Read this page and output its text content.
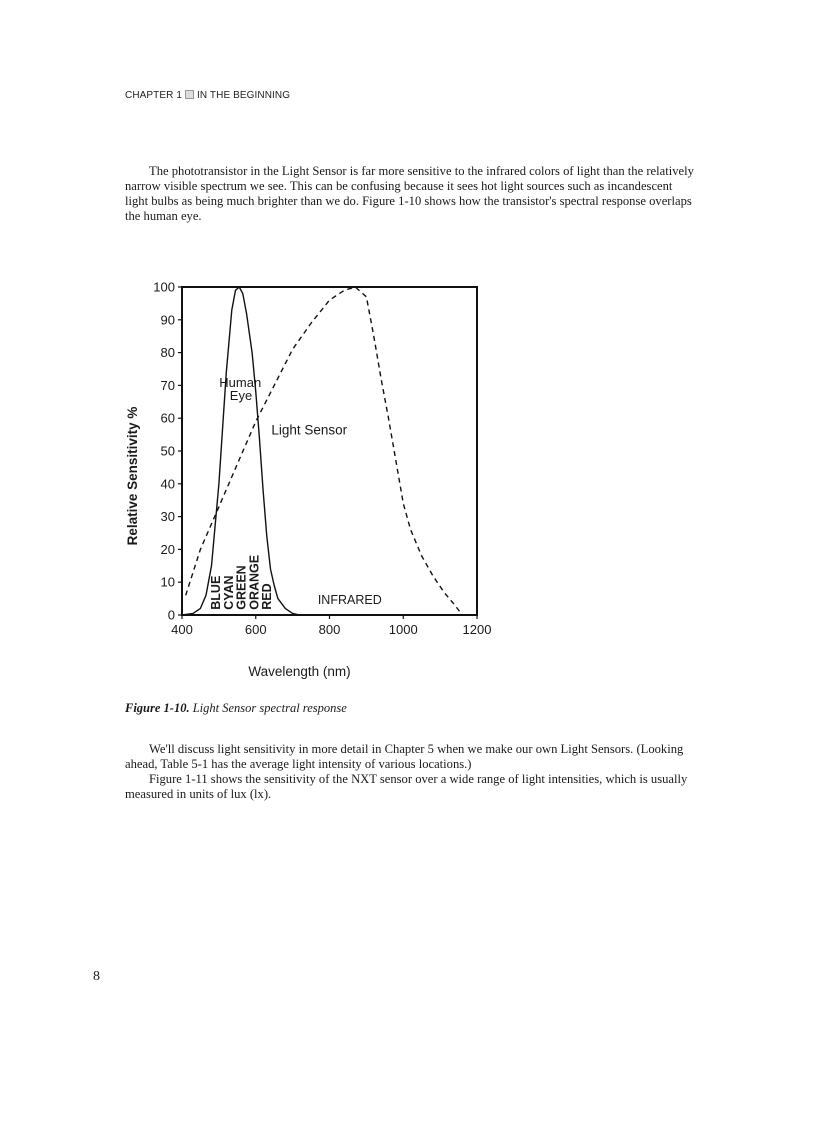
CHAPTER 1 IN THE BEGINNING

The phototransistor in the Light Sensor is far more sensitive to the infrared colors of light than the relatively narrow visible spectrum we see. This can be confusing because it sees hot light sources such as incandescent light bulbs as being much brighter than we do. Figure 1-10 shows how the transistor's spectral response overlaps the human eye.

0
10
20
30
40
50
60
70
80
90
100
400	600	800	1000	1200
Wavelength (nm)
Relative Sensitivity %
Human
Eye
Light Sensor
INFRARED
BLUE
CYAN
GREEN
ORANGE
RED
Figure 1-10. Light Sensor spectral response

We'll discuss light sensitivity in more detail in Chapter 5 when we make our own Light Sensors. (Looking ahead, Table 5-1 has the average light intensity of various locations.)

Figure 1-11 shows the sensitivity of the NXT sensor over a wide range of light intensities, which is usually measured in units of lux (lx).

8
